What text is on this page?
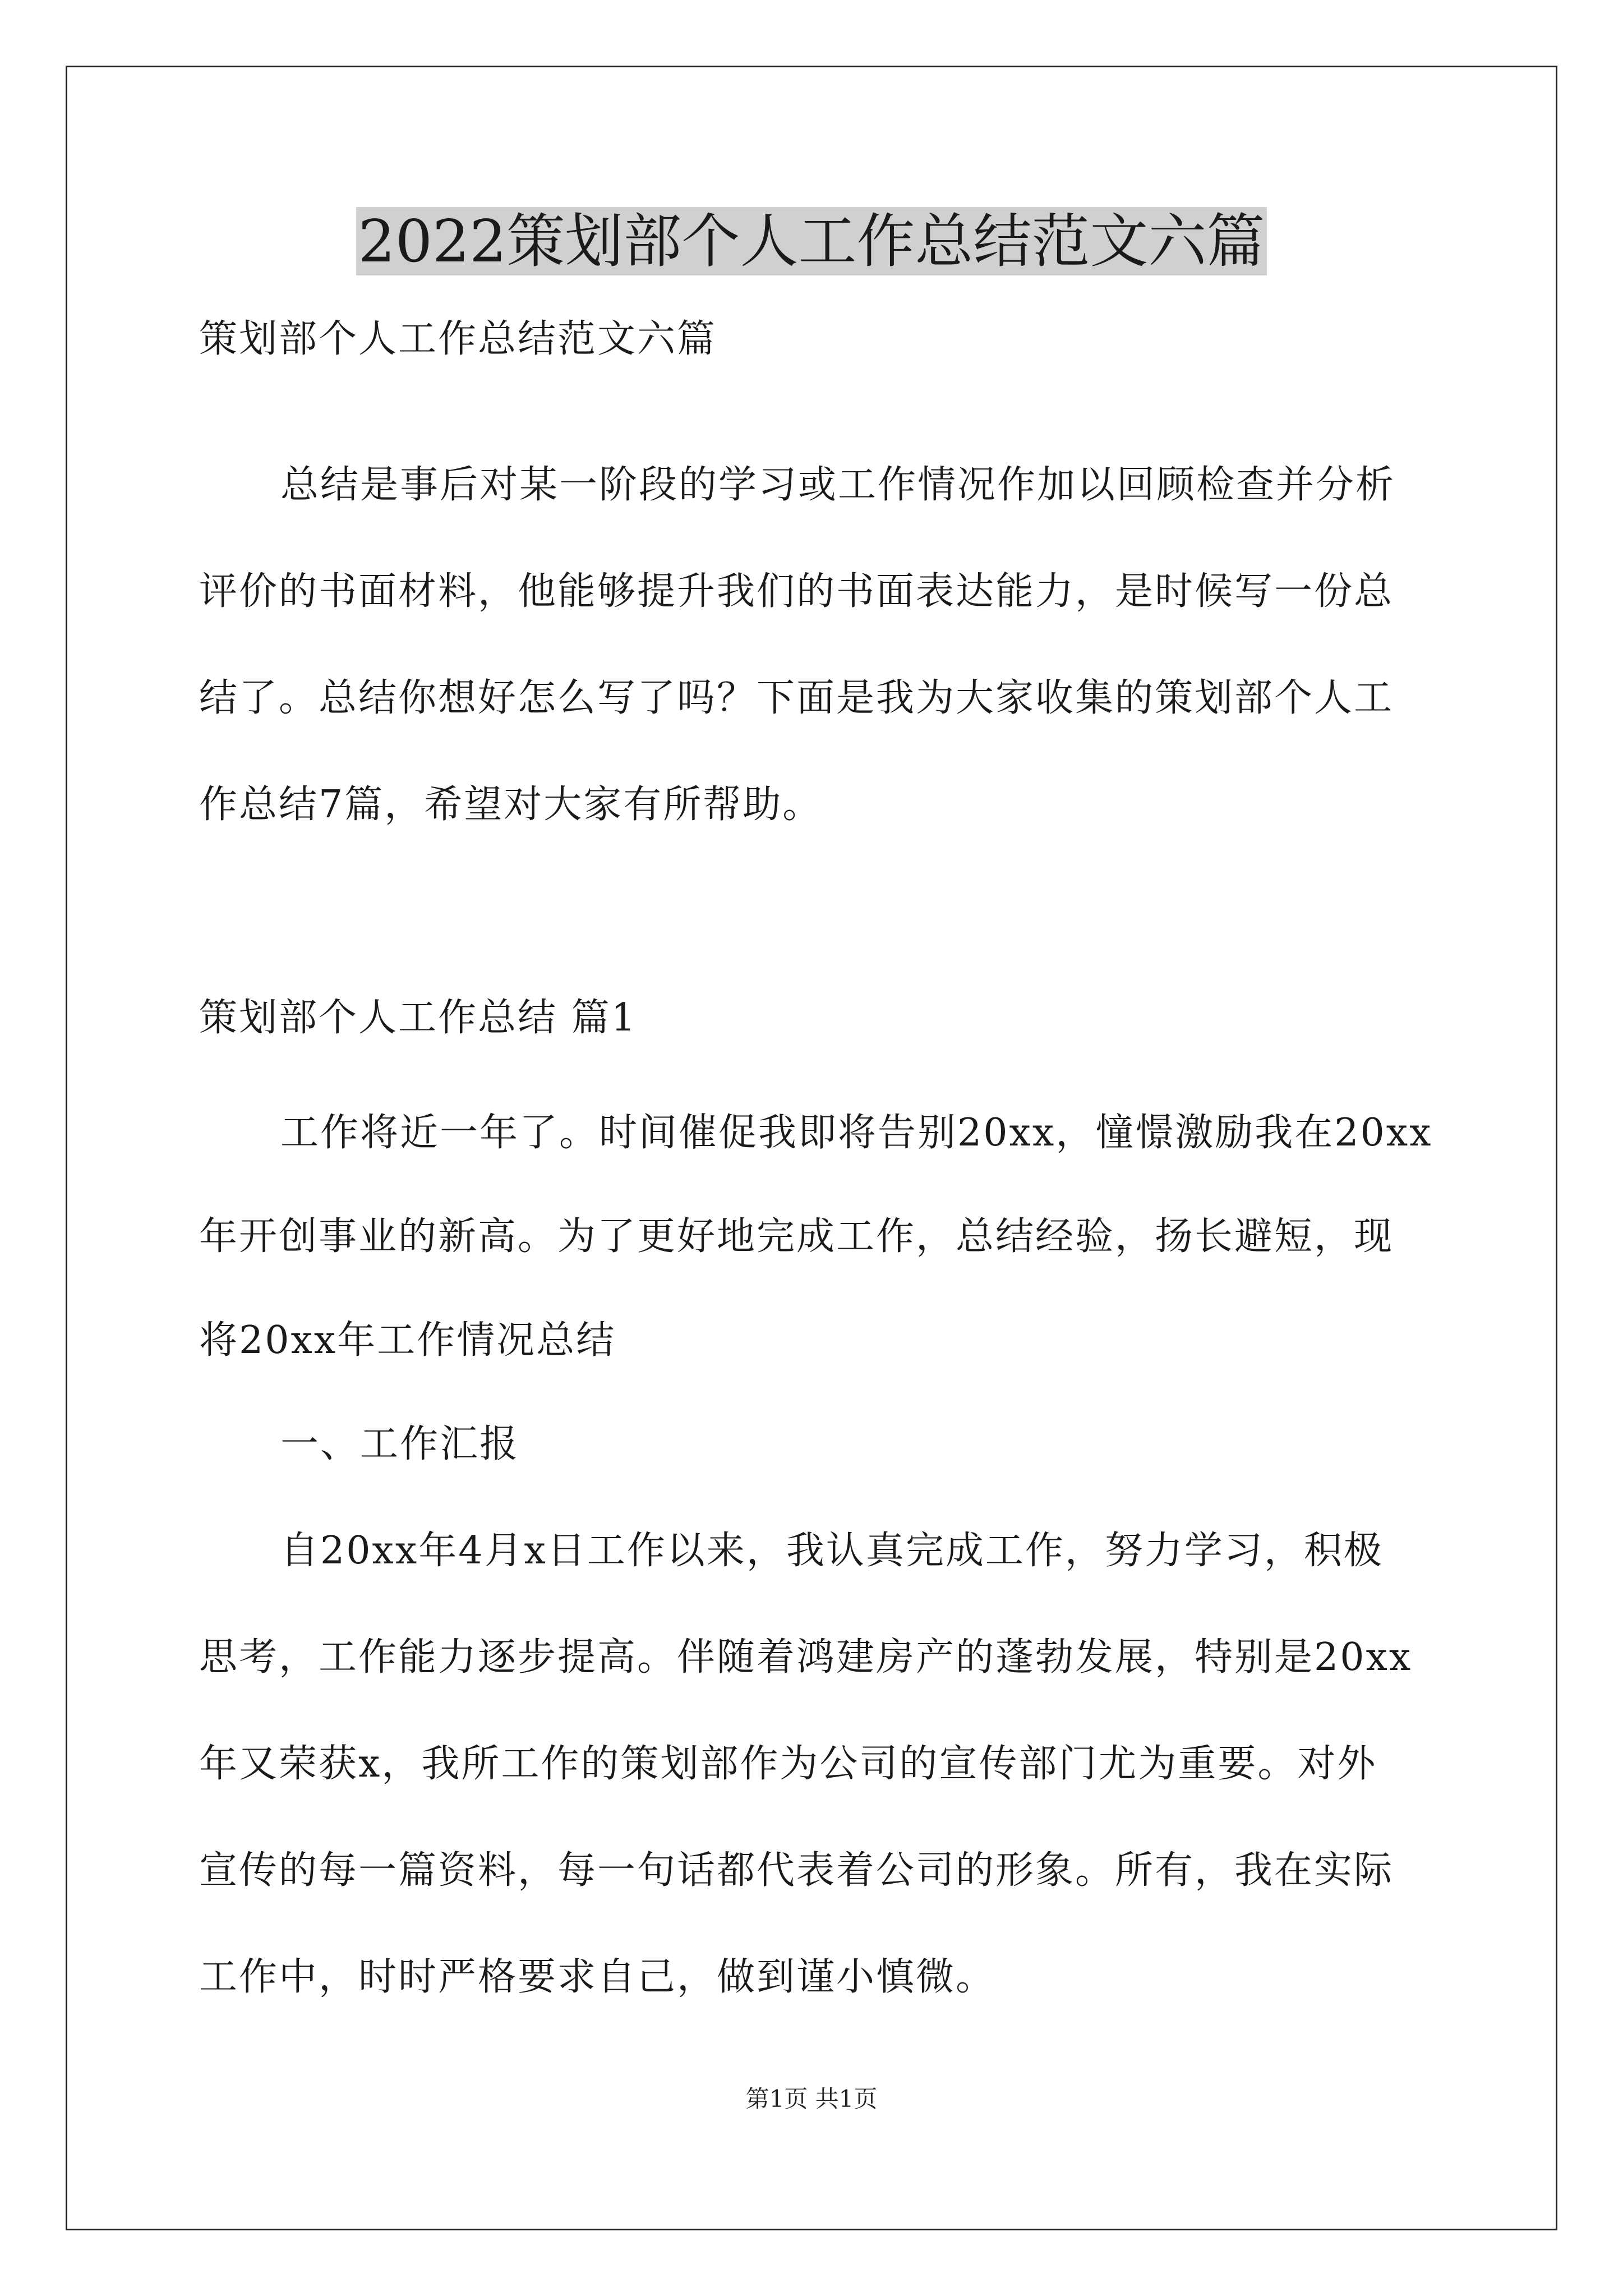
2022策划部个人工作总结范文六篇
策划部个人工作总结范文六篇
总结是事后对某一阶段的学习或工作情况作加以回顾检查并分析
评价的书面材料，他能够提升我们的书面表达能力，是时候写一份总
结了。总结你想好怎么写了吗？下面是我为大家收集的策划部个人工
作总结7篇，希望对大家有所帮助。
策划部个人工作总结 篇1
工作将近一年了。时间催促我即将告别20xx，憧憬激励我在20xx
年开创事业的新高。为了更好地完成工作，总结经验，扬长避短，现
将20xx年工作情况总结
一、工作汇报
自20xx年4月x日工作以来，我认真完成工作，努力学习，积极
思考，工作能力逐步提高。伴随着鸿建房产的蓬勃发展，特别是20xx
年又荣获x，我所工作的策划部作为公司的宣传部门尤为重要。对外
宣传的每一篇资料，每一句话都代表着公司的形象。所有，我在实际
工作中，时时严格要求自己，做到谨小慎微。
第1页 共1页
